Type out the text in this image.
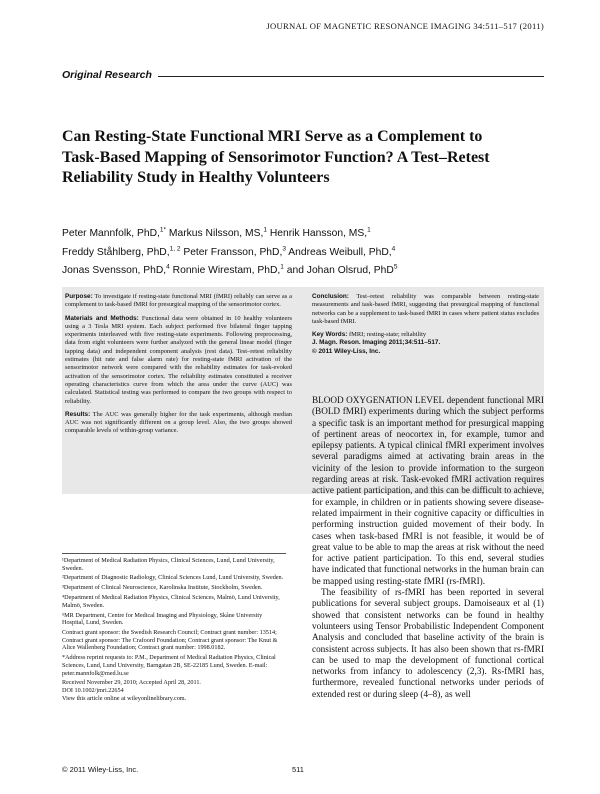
JOURNAL OF MAGNETIC RESONANCE IMAGING 34:511–517 (2011)
Original Research
Can Resting-State Functional MRI Serve as a Complement to Task-Based Mapping of Sensorimotor Function? A Test–Retest Reliability Study in Healthy Volunteers
Peter Mannfolk, PhD,$^{1*}$ Markus Nilsson, MS,$^1$ Henrik Hansson, MS,$^1$
Freddy Ståhlberg, PhD,$^{1, 2}$ Peter Fransson, PhD,$^3$ Andreas Weibull, PhD,$^4$
Jonas Svensson, PhD,$^4$ Ronnie Wirestam, PhD,$^1$ and Johan Olsrud, PhD$^5$

Purpose: To investigate if resting-state functional MRI (fMRI) reliably can serve as a complement to task-based fMRI for presurgical mapping of the sensorimotor cortex.

Materials and Methods: Functional data were obtained in 10 healthy volunteers using a 3 Tesla MRI system. Each subject performed five bilateral finger tapping experiments interleaved with five resting-state experiments. Following preprocessing, data from eight volunteers were further analyzed with the general linear model (finger tapping data) and independent component analysis (rest data). Test–retest reliability estimates (hit rate and false alarm rate) for resting-state fMRI activation of the sensorimotor network were compared with the reliability estimates for task-evoked activation of the sensorimotor cortex. The reliability estimates constituted a receiver operating characteristics curve from which the area under the curve (AUC) was calculated. Statistical testing was performed to compare the two groups with respect to reliability.

Results: The AUC was generally higher for the task experiments, although median AUC was not significantly different on a group level. Also, the two groups showed comparable levels of within-group variance.

Conclusion: Test–retest reliability was comparable between resting-state measurements and task-based fMRI, suggesting that presurgical mapping of functional networks can be a supplement to task-based fMRI in cases where patient status excludes task-based fMRI.

Key Words: fMRI; resting-state; reliability

J. Magn. Reson. Imaging 2011;34:511–517.

© 2011 Wiley-Liss, Inc.

¹Department of Medical Radiation Physics, Clinical Sciences, Lund, Lund University, Sweden.

²Department of Diagnostic Radiology, Clinical Sciences Lund, Lund University, Sweden.

³Department of Clinical Neuroscience, Karolinska Institute, Stockholm, Sweden.

⁴Department of Medical Radiation Physics, Clinical Sciences, Malmö, Lund University, Malmö, Sweden.

⁵MR Department, Centre for Medical Imaging and Physiology, Skåne University Hospital, Lund, Sweden.

Contract grant sponsor: the Swedish Research Council; Contract grant number: 13514; Contract grant sponsor: The Crafoord Foundation; Contract grant sponsor: The Knut & Alice Wallenberg Foundation; Contract grant number: 1998.0182.

*Address reprint requests to: P.M., Department of Medical Radiation Physics, Clinical Sciences, Lund, Lund University, Barngatan 2B, SE-22185 Lund, Sweden. E-mail: peter.mannfolk@med.lu.se

Received November 29, 2010; Accepted April 28, 2011.

DOI 10.1002/jmri.22654

View this article online at wileyonlinelibrary.com.

BLOOD OXYGENATION LEVEL dependent functional MRI (BOLD fMRI) experiments during which the subject performs a specific task is an important method for presurgical mapping of pertinent areas of neocortex in, for example, tumor and epilepsy patients. A typical clinical fMRI experiment involves several paradigms aimed at activating brain areas in the vicinity of the lesion to provide information to the surgeon regarding areas at risk. Task-evoked fMRI activation requires active patient participation, and this can be difficult to achieve, for example, in children or in patients showing severe disease-related impairment in their cognitive capacity or difficulties in performing instruction guided movement of their body. In cases when task-based fMRI is not feasible, it would be of great value to be able to map the areas at risk without the need for active patient participation. To this end, several studies have indicated that functional networks in the human brain can be mapped using resting-state fMRI (rs-fMRI).

The feasibility of rs-fMRI has been reported in several publications for several subject groups. Damoiseaux et al (1) showed that consistent networks can be found in healthy volunteers using Tensor Probabilistic Independent Component Analysis and concluded that baseline activity of the brain is consistent across subjects. It has also been shown that rs-fMRI can be used to map the development of functional cortical networks from infancy to adolescency (2,3). Rs-fMRI has, furthermore, revealed functional networks under periods of extended rest or during sleep (4–8), as well

© 2011 Wiley-Liss, Inc.	511
